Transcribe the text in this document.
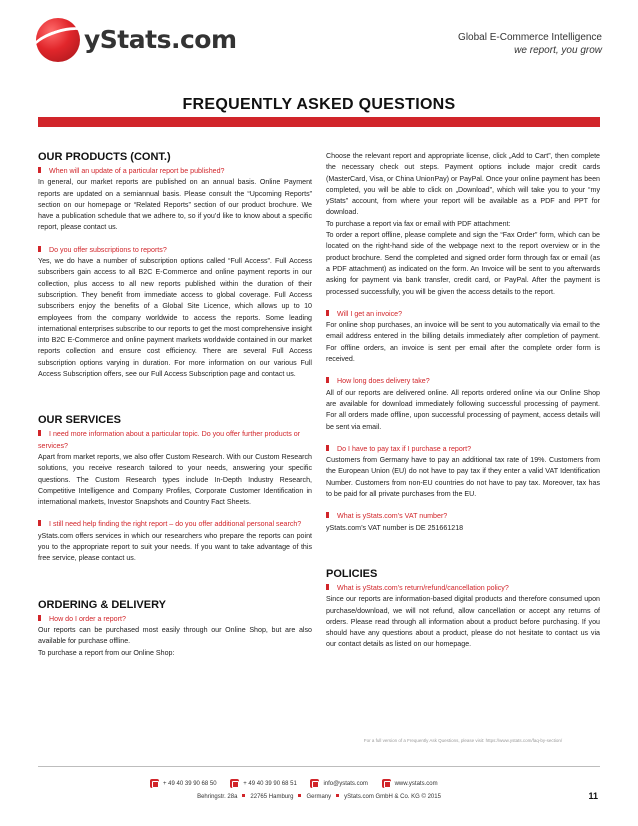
yStats.com	Global E-Commerce Intelligence
we report, you grow
FREQUENTLY ASKED QUESTIONS
OUR PRODUCTS (CONT.)
When will an update of a particular report be published?
In general, our market reports are published on an annual basis. Online Payment reports are updated on a semiannual basis. Please consult the “Upcoming Reports” section on our homepage or “Related Reports” section of our product brochure. We have a publication schedule that we adhere to, so if you’d like to know about a specific report, please contact us.
Do you offer subscriptions to reports?
Yes, we do have a number of subscription options called “Full Access”. Full Access subscribers gain access to all B2C E-Commerce and online payment reports in our collection, plus access to all new reports published within the duration of their subscription. They benefit from immediate access to global coverage. Full Access subscribers enjoy the benefits of a Global Site Licence, which allows up to 10 employees from the company worldwide to access the reports. Some leading international enterprises subscribe to our reports to get the most comprehensive insight into B2C E-Commerce and online payment markets worldwide contained in our market reports collection and ensure cost efficiency. There are several Full Access subscription options varying in duration. For more information on our various Full Access Subscription offers, see our Full Access Subscription page and contact us.
OUR SERVICES
I need more information about a particular topic. Do you offer further products or services?
Apart from market reports, we also offer Custom Research. With our Custom Research solutions, you receive research tailored to your needs, answering your specific questions. The Custom Research types include In-Depth Industry Research, Competitive Intelligence and Company Profiles, Corporate Customer Identification in international markets, Investor Snapshots and Country Fact Sheets.
I still need help finding the right report – do you offer additional personal search?
yStats.com offers services in which our researchers who prepare the reports can point you to the appropriate report to suit your needs. If you want to take advantage of this free service, please contact us.
ORDERING & DELIVERY
How do I order a report?
Our reports can be purchased most easily through our Online Shop, but are also available for purchase offline.
To purchase a report from our Online Shop:
Choose the relevant report and appropriate license, click „Add to Cart”, then complete the necessary check out steps. Payment options include major credit cards (MasterCard, Visa, or China UnionPay) or PayPal. Once your online payment has been completed, you will be able to click on „Download”, which will take you to your “my yStats” account, from where your report will be available as a PDF and PPT for download.
To purchase a report via fax or email with PDF attachment:
To order a report offline, please complete and sign the “Fax Order” form, which can be located on the right-hand side of the webpage next to the report overview or in the product brochure. Send the completed and signed order form through fax or email (as a PDF attachment) as indicated on the form. An Invoice will be sent to you afterwards asking for payment via bank transfer, credit card, or PayPal. After the payment is processed successfully, you will be given the access details to the report.
Will I get an invoice?
For online shop purchases, an invoice will be sent to you automatically via email to the email address entered in the billing details immediately after completion of payment. For offline orders, an invoice is sent per email after the complete order form is received.
How long does delivery take?
All of our reports are delivered online. All reports ordered online via our Online Shop are available for download immediately following successful processing of payment. For all orders made offline, upon successful processing of payment, access details will be sent via email.
Do I have to pay tax if I purchase a report?
Customers from Germany have to pay an additional tax rate of 19%. Customers from the European Union (EU) do not have to pay tax if they enter a valid VAT Identification Number. Customers from non-EU countries do not have to pay tax. Moreover, tax has to be paid for all private purchases from the EU.
What is yStats.com’s VAT number?
yStats.com’s VAT number is DE 251661218
POLICIES
What is yStats.com’s return/refund/cancellation policy?
Since our reports are information-based digital products and therefore consumed upon purchase/download, we will not refund, allow cancellation or accept any returns of orders. Please read through all information about a product before purchasing. If you should have any questions about a product, please do not hesitate to contact us via our contact details as listed on our homepage.
For a full version of a Frequently Ask Questions, please visit: https://www.ystats.com/faq-by-section/
+ 49 40 39 90 68 50
	+ 49 40 39 90 68 51
	info@ystats.com
	www.ystats.com
Behringstr. 28a 22765 Hamburg Germany yStats.com GmbH & Co. KG © 2015	11
